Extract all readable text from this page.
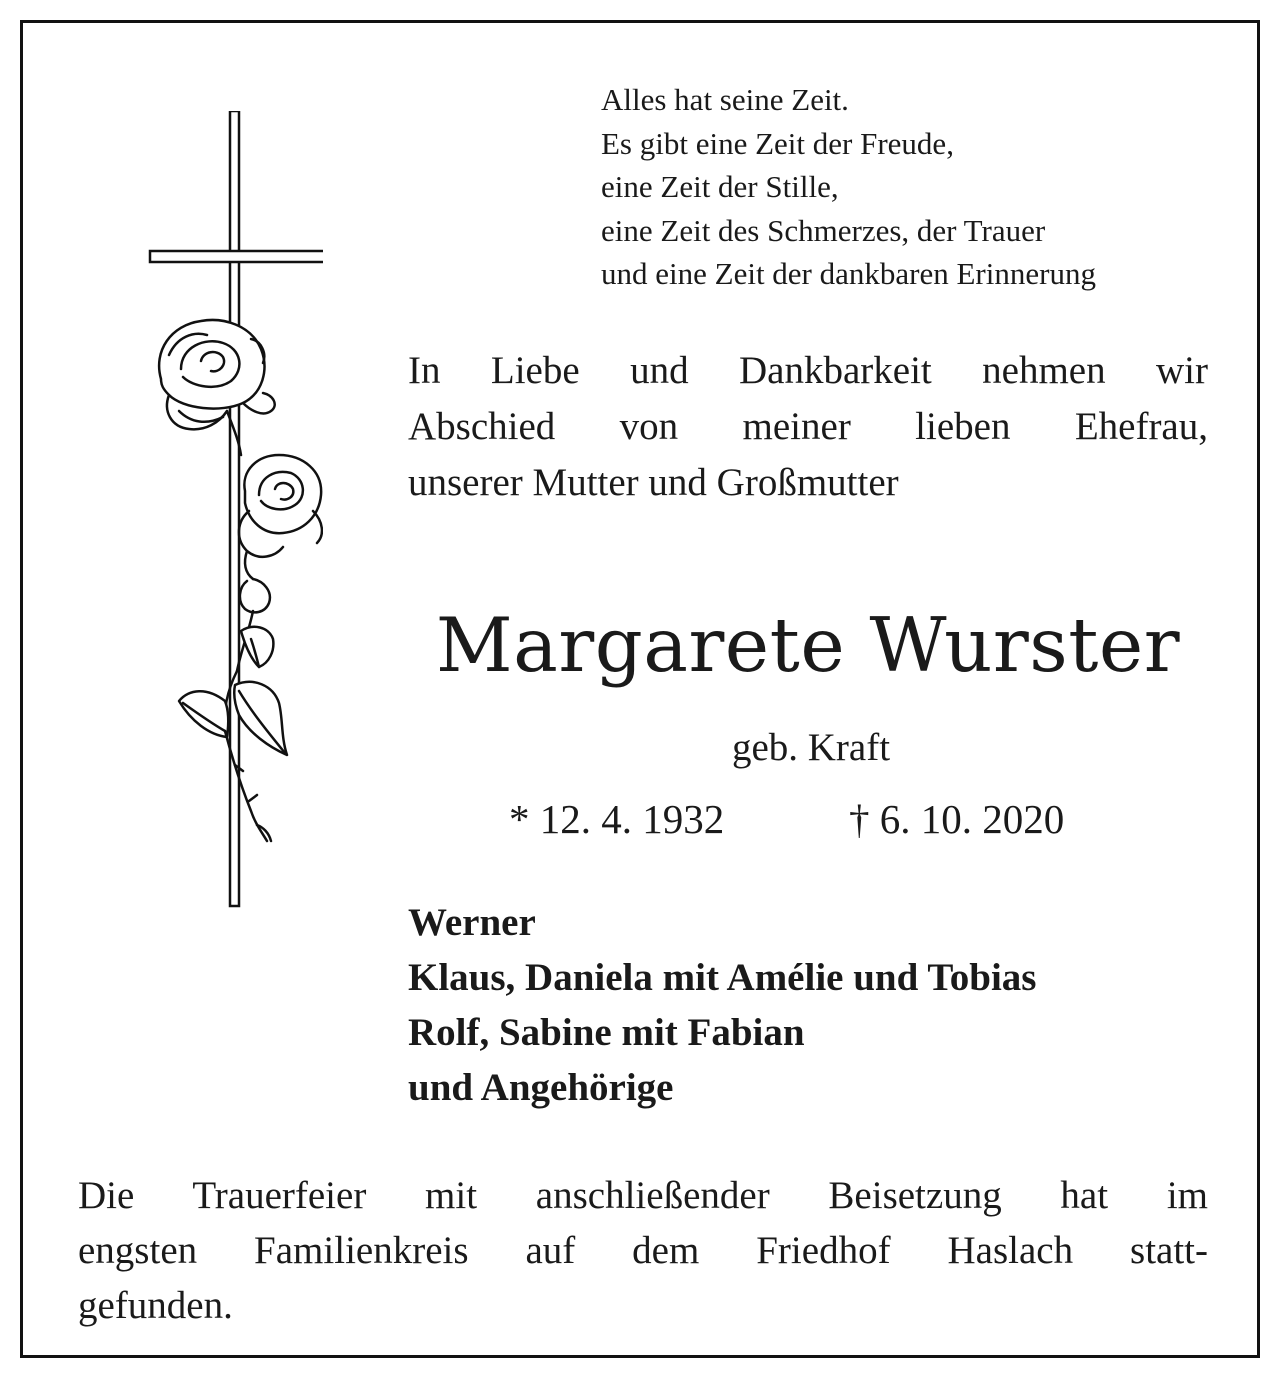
Alles hat seine Zeit.
Es gibt eine Zeit der Freude,
eine Zeit der Stille,
eine Zeit des Schmerzes, der Trauer
und eine Zeit der dankbaren Erinnerung
In Liebe und Dankbarkeit nehmen wir
Abschied von meiner lieben Ehefrau,
unserer Mutter und Großmutter
Margarete Wurster
geb. Kraft
* 12. 4. 1932	† 6. 10. 2020
Werner
Klaus, Daniela mit Amélie und Tobias
Rolf, Sabine mit Fabian
und Angehörige
Die Trauerfeier mit anschließender Beisetzung hat im
engsten Familienkreis auf dem Friedhof Haslach statt-
gefunden.
